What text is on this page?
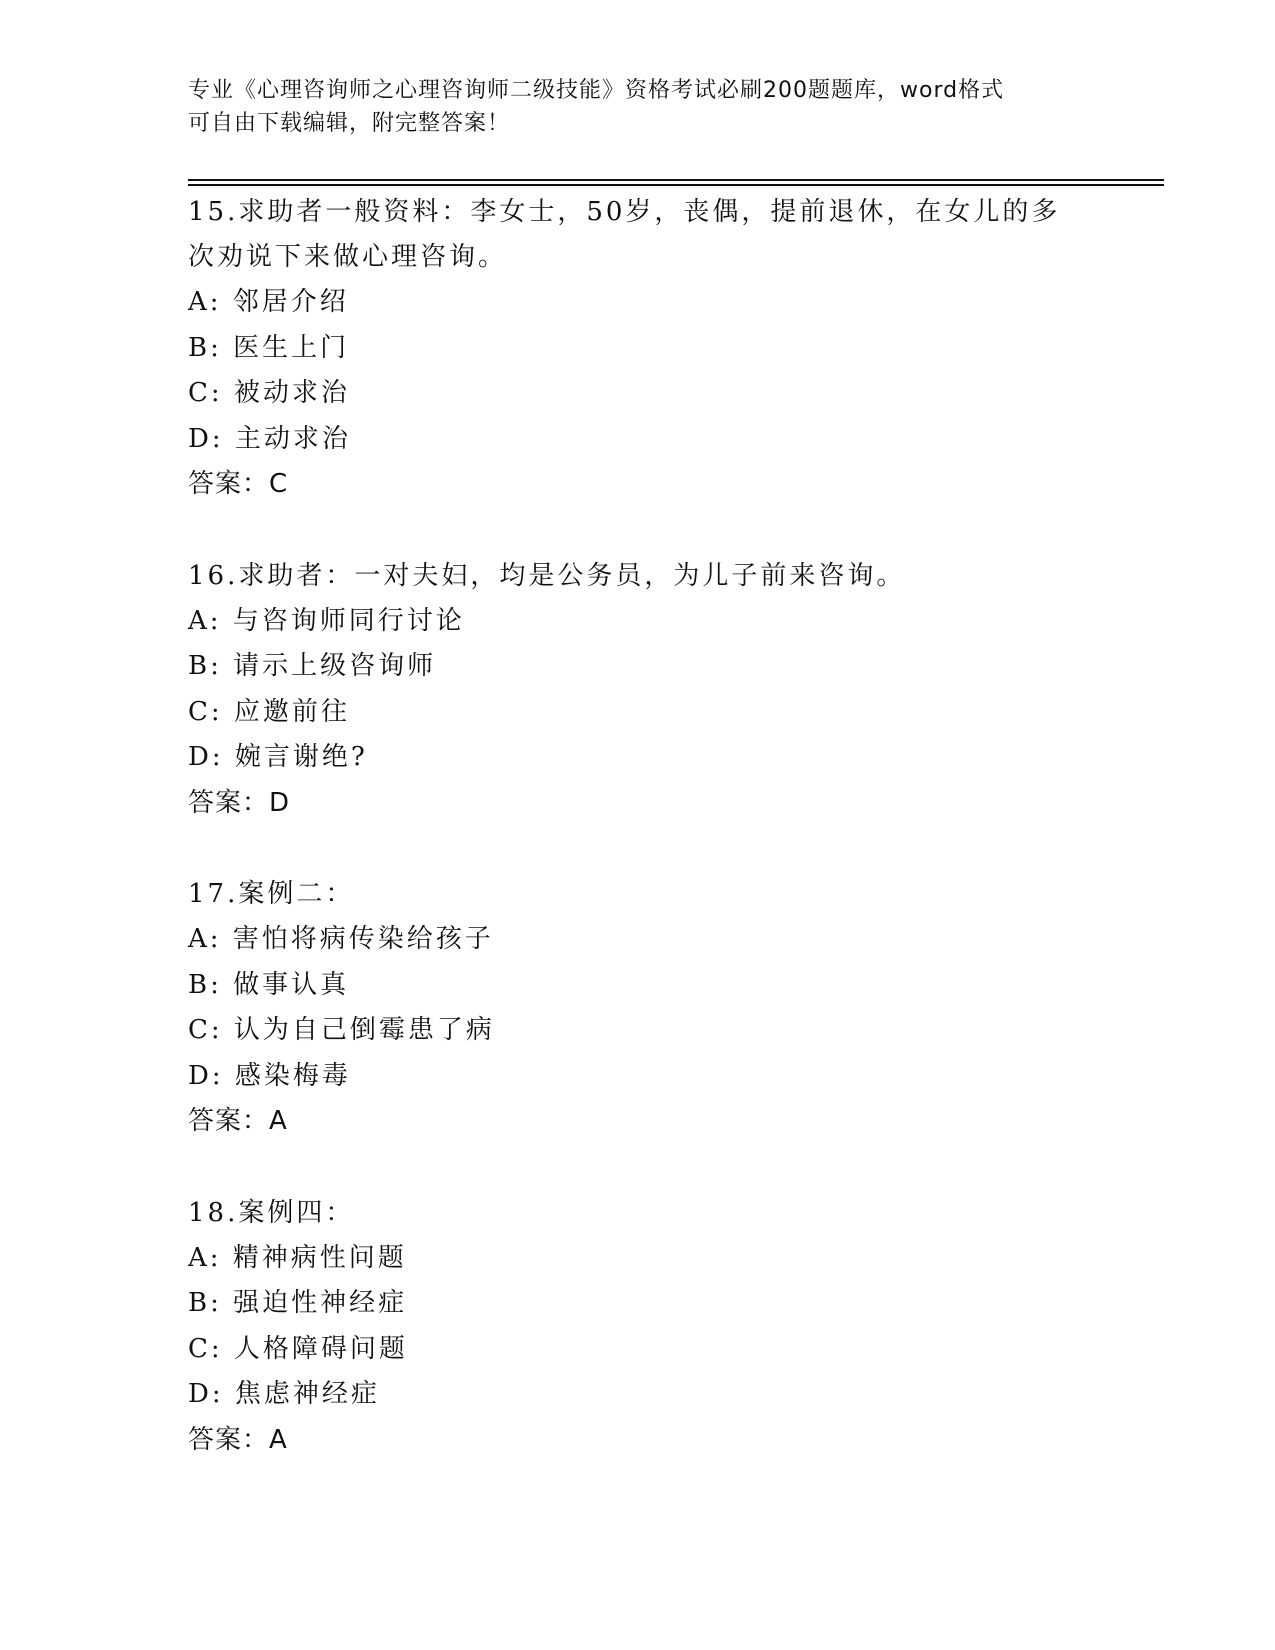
专业《心理咨询师之心理咨询师二级技能》资格考试必刷200题题库，word格式
可自由下载编辑，附完整答案！
15.求助者一般资料：李女士，50岁，丧偶，提前退休，在女儿的多次劝说下来做心理咨询。
A: 邻居介绍
B: 医生上门
C: 被动求治
D: 主动求治
答案：C
16.求助者：一对夫妇，均是公务员，为儿子前来咨询。
A: 与咨询师同行讨论
B: 请示上级咨询师
C: 应邀前往
D: 婉言谢绝?
答案：D
17.案例二：
A: 害怕将病传染给孩子
B: 做事认真
C: 认为自己倒霉患了病
D: 感染梅毒
答案：A
18.案例四：
A: 精神病性问题
B: 强迫性神经症
C: 人格障碍问题
D: 焦虑神经症
答案：A
